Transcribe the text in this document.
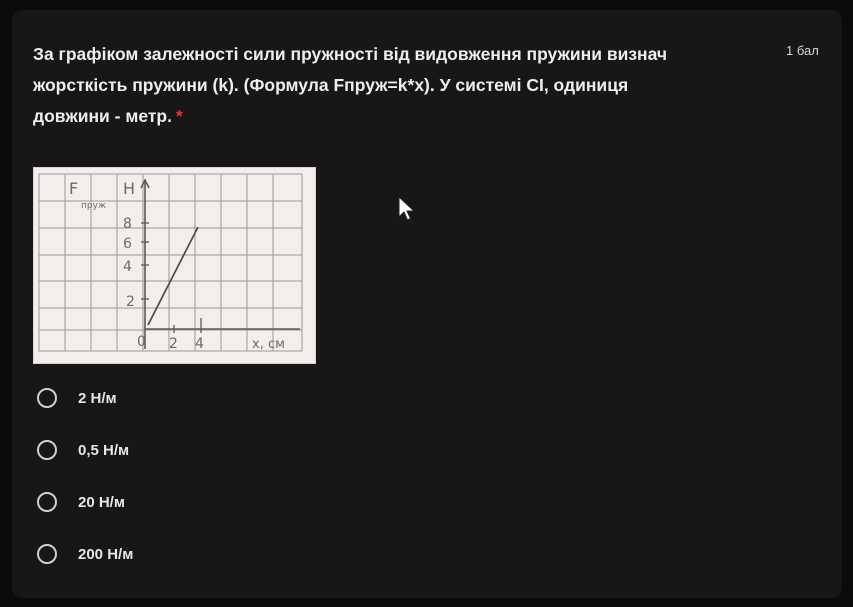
За графіком залежності сили пружності від видовження пружини визнач
жорсткість пружини (k). (Формула Fпруж=k*x). У системі СІ, одиниця
довжини - метр. *
1 бал
F
пруж
Н
8
6
4
2
0 2 4	x, см
2 Н/м
0,5 Н/м
20 Н/м
200 Н/м
